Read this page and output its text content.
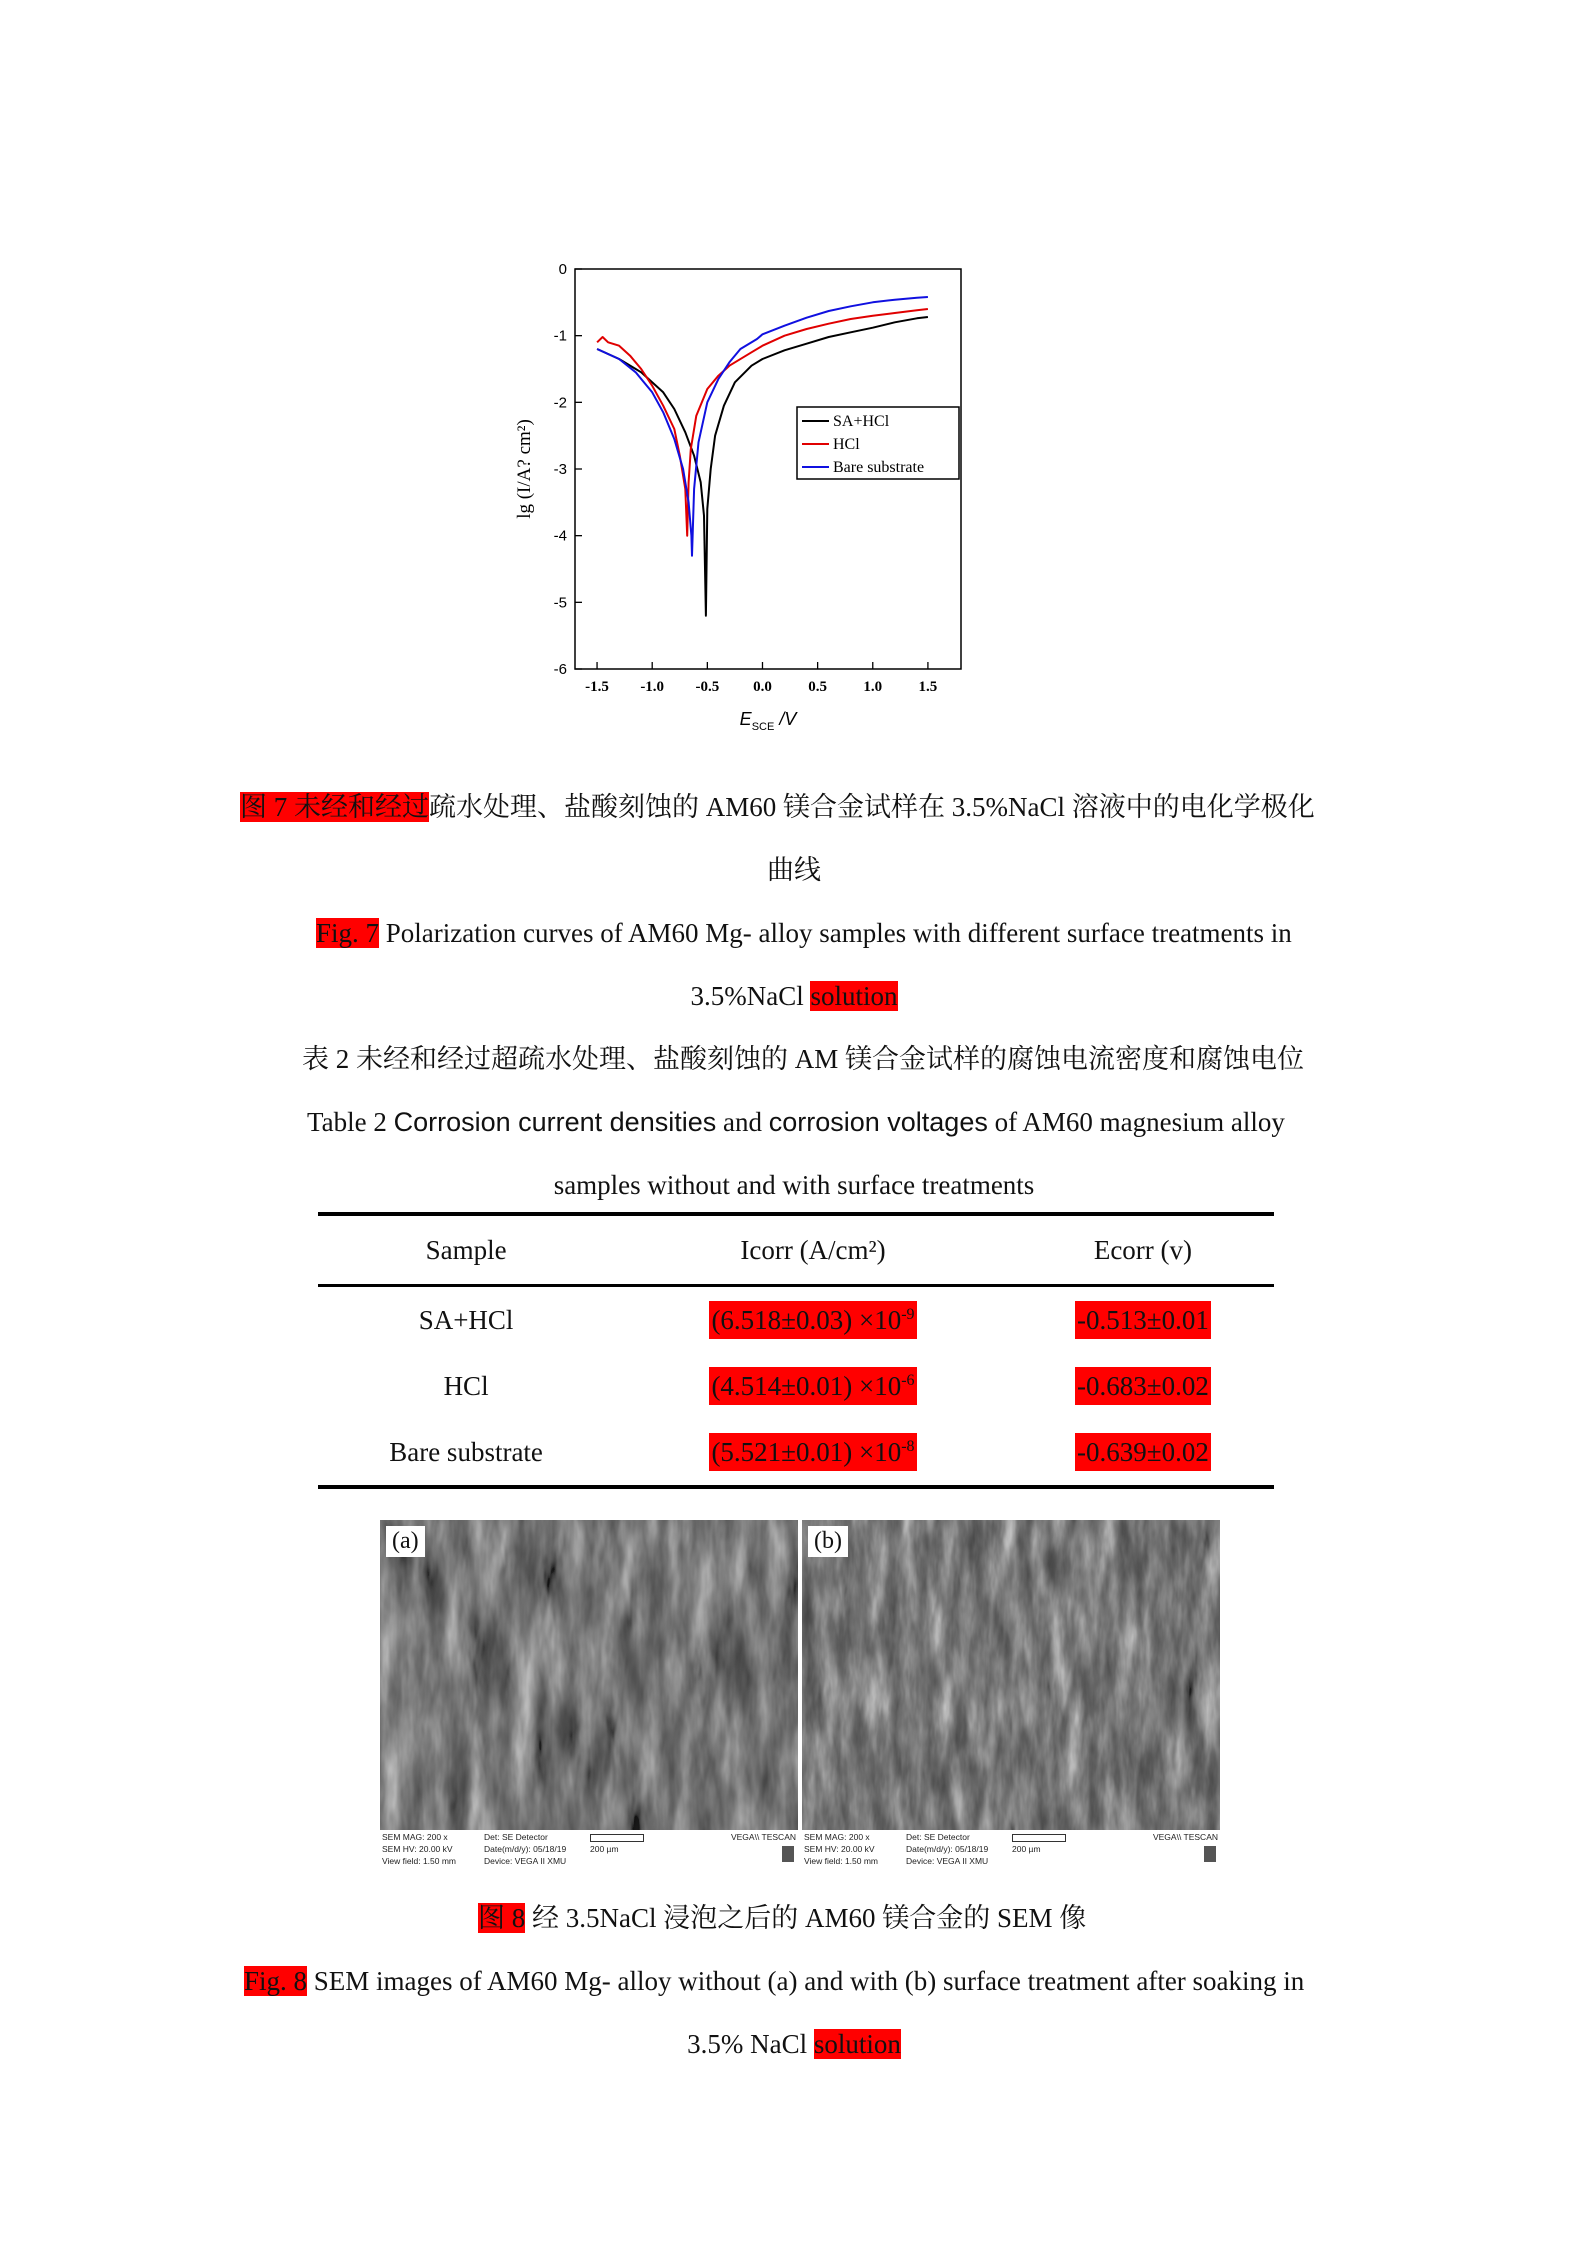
0
-1
-2
-3
-4
-5
-6
-1.5 -1.0 -0.5 0.0 0.5 1.0 1.5
SA+HCl
HCl
Bare substrate
lg (I/A? cm²)
$E_{SCE}$ /V
图 7 未经和经过疏水处理、盐酸刻蚀的 AM60 镁合金试样在 3.5%NaCl 溶液中的电化学极化
曲线
Fig. 7 Polarization curves of AM60 Mg- alloy samples with different surface treatments in
3.5%NaCl solution
表 2 未经和经过超疏水处理、盐酸刻蚀的 AM 镁合金试样的腐蚀电流密度和腐蚀电位
Table 2 Corrosion current densities and corrosion voltages of AM60 magnesium alloy
samples without and with surface treatments
Sample	Icorr (A/cm²)	Ecorr (v)
SA+HCl	$(6.518\pm 0.03) \times 10^{-9}$	-0.513±0.01
HCl	$(4.514\pm 0.01) \times 10^{-6}$	-0.683±0.02
Bare substrate	$(5.521\pm 0.01) \times 10^{-8}$	-0.639±0.02
(a)
SEM MAG: 200 x
SEM HV: 20.00 kV
View field: 1.50 mm
Det: SE Detector
Date(m/d/y): 05/18/19
Device: VEGA II XMU
200 µm
VEGA\\ TESCAN
(b)
SEM MAG: 200 x
SEM HV: 20.00 kV
View field: 1.50 mm
Det: SE Detector
Date(m/d/y): 05/18/19
Device: VEGA II XMU
200 µm
VEGA\\ TESCAN
图 8 经 3.5NaCl 浸泡之后的 AM60 镁合金的 SEM 像
Fig. 8 SEM images of AM60 Mg- alloy without (a) and with (b) surface treatment after soaking in
3.5% NaCl solution
